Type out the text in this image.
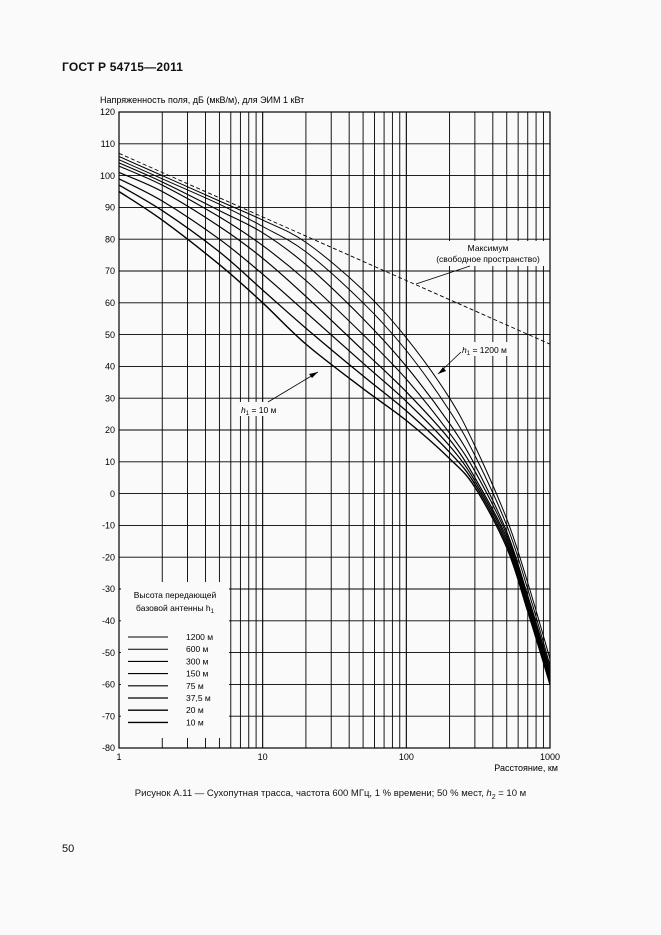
ГОСТ Р 54715—2011
Напряженность поля, дБ (мкВ/м), для ЭИМ 1 кВт
120
110
100
90
80
70
60
50
40
30
20
10
0
-10
-20
-30
-40
-50
-60
-70
-80
1	10	100	1000
Максимум
(свободное пространство)
$h_1 = 1200$ м
$h_1 = 10$ м
Высота передающей
базовой антенны $h_1$
1200 м
600 м
300 м
150 м
75 м
37,5 м
20 м
10 м
Расстояние, км
Рисунок А.11 — Сухопутная трасса, частота 600 МГц, 1 % времени; 50 % мест, $h_2 = 10$ м
50
